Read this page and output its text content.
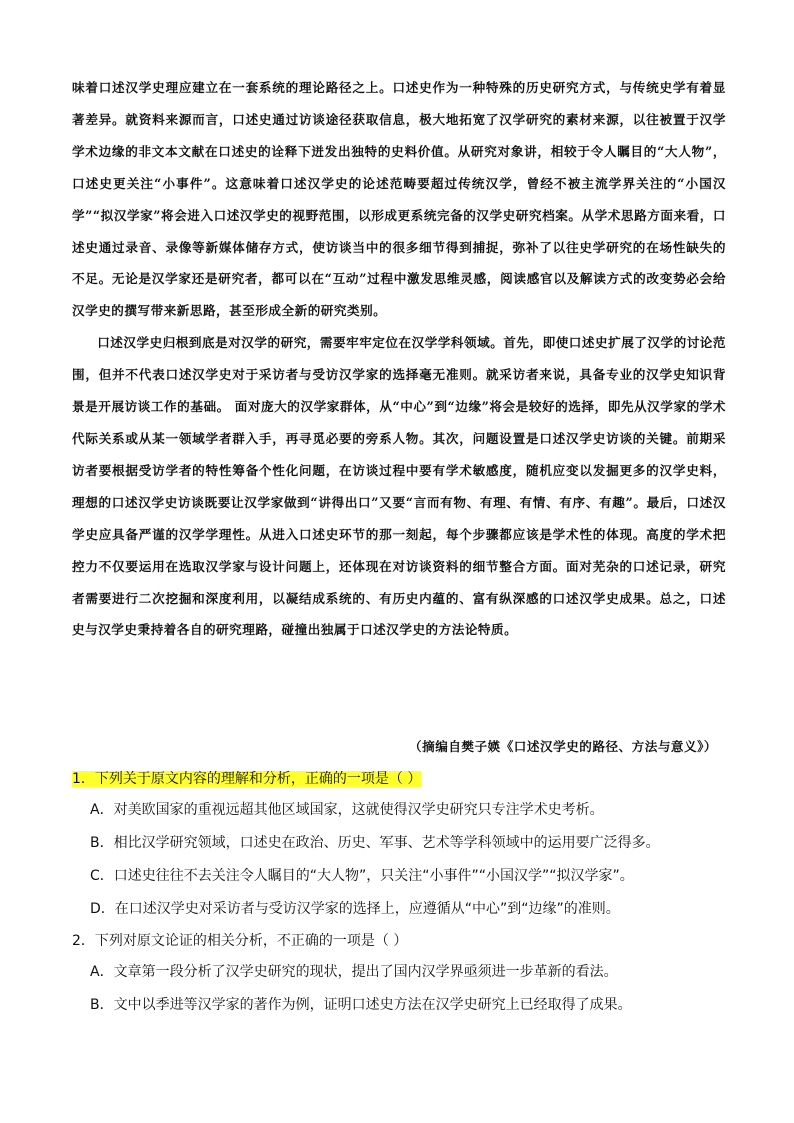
味着口述汉学史理应建立在一套系统的理论路径之上。口述史作为一种特殊的历史研究方式，与传统史学有着显著差异。就资料来源而言，口述史通过访谈途径获取信息，极大地拓宽了汉学研究的素材来源，以往被置于汉学学术边缘的非文本文献在口述史的诠释下迸发出独特的史料价值。从研究对象讲，相较于令人瞩目的“大人物”，口述史更关注“小事件”。这意味着口述汉学史的论述范畴要超过传统汉学，曾经不被主流学界关注的“小国汉学”“拟汉学家”将会进入口述汉学史的视野范围，以形成更系统完备的汉学史研究档案。从学术思路方面来看，口述史通过录音、录像等新媒体储存方式，使访谈当中的很多细节得到捕捉，弥补了以往史学研究的在场性缺失的不足。无论是汉学家还是研究者，都可以在“互动”过程中激发思维灵感，阅读感官以及解读方式的改变势必会给汉学史的撰写带来新思路，甚至形成全新的研究类别。

口述汉学史归根到底是对汉学的研究，需要牢牢定位在汉学学科领域。首先，即使口述史扩展了汉学的讨论范围，但并不代表口述汉学史对于采访者与受访汉学家的选择毫无准则。就采访者来说，具备专业的汉学史知识背景是开展访谈工作的基础。 面对庞大的汉学家群体，从“中心”到“边缘”将会是较好的选择，即先从汉学家的学术代际关系或从某一领域学者群入手，再寻觅必要的旁系人物。其次，问题设置是口述汉学史访谈的关键。前期采访者要根据受访学者的特性筹备个性化问题，在访谈过程中要有学术敏感度，随机应变以发掘更多的汉学史料，理想的口述汉学史访谈既要让汉学家做到“讲得出口”又要“言而有物、有理、有情、有序、有趣”。最后，口述汉学史应具备严谨的汉学学理性。从进入口述史环节的那一刻起，每个步骤都应该是学术性的体现。高度的学术把控力不仅要运用在选取汉学家与设计问题上，还体现在对访谈资料的细节整合方面。面对芜杂的口述记录，研究者需要进行二次挖掘和深度利用，以凝结成系统的、有历史内蕴的、富有纵深感的口述汉学史成果。总之，口述史与汉学史秉持着各自的研究理路，碰撞出独属于口述汉学史的方法论特质。

（摘编自樊子媖《口述汉学史的路径、方法与意义》）

1．下列关于原文内容的理解和分析，正确的一项是（ ）

A．对美欧国家的重视远超其他区域国家，这就使得汉学史研究只专注学术史考析。

B．相比汉学研究领域，口述史在政治、历史、军事、艺术等学科领域中的运用要广泛得多。

C．口述史往往不去关注令人瞩目的“大人物”，只关注“小事件”“小国汉学”“拟汉学家”。

D．在口述汉学史对采访者与受访汉学家的选择上，应遵循从“中心”到“边缘”的准则。

2．下列对原文论证的相关分析，不正确的一项是（ ）

A．文章第一段分析了汉学史研究的现状，提出了国内汉学界亟须进一步革新的看法。

B．文中以季进等汉学家的著作为例，证明口述史方法在汉学史研究上已经取得了成果。
